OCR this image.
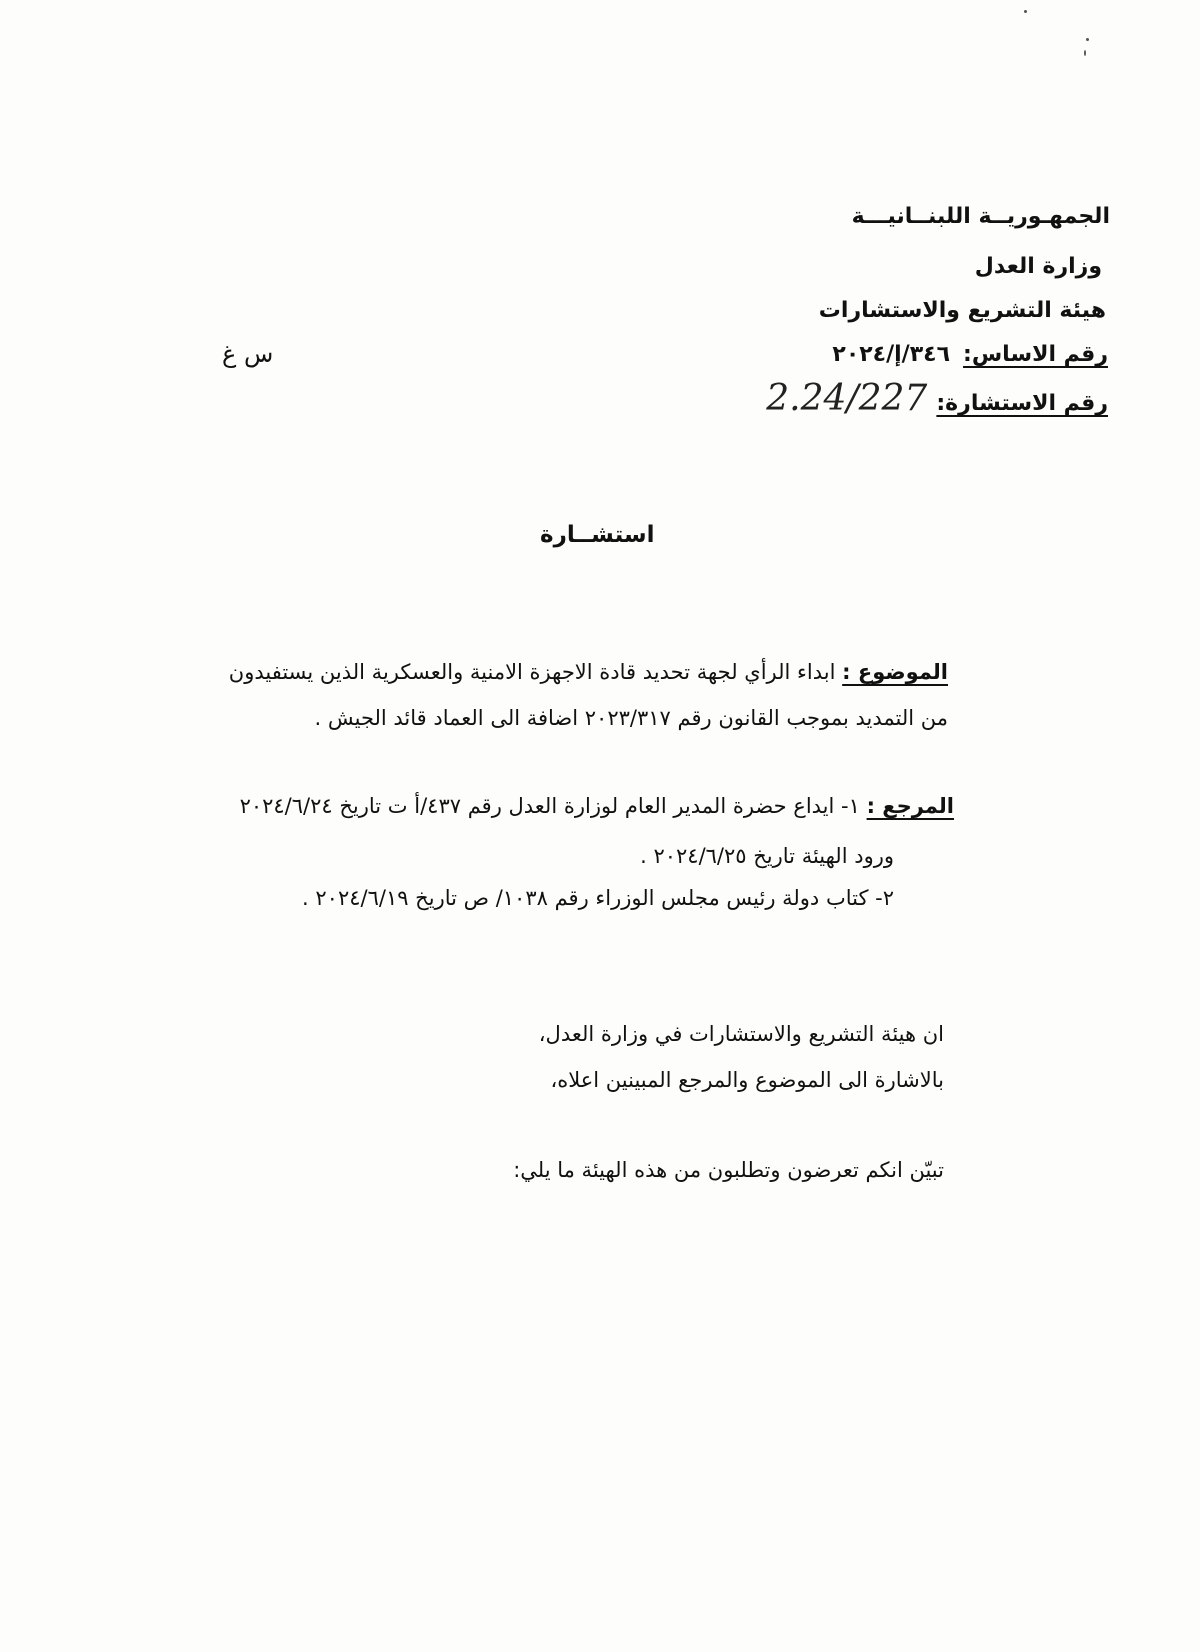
الجمهـوريــة اللبنــانيـــة
وزارة العدل
هيئة التشريع والاستشارات
رقم الاساس: ٣٤٦/إ/٢٠٢٤
رقم الاستشارة: 2.24/227
س غ
استشــارة
الموضوع : ابداء الرأي لجهة تحديد قادة الاجهزة الامنية والعسكرية الذين يستفيدون
من التمديد بموجب القانون رقم ٢٠٢٣/٣١٧ اضافة الى العماد قائد الجيش .
المرجع : ١- ايداع حضرة المدير العام لوزارة العدل رقم ٤٣٧/أ ت تاريخ ٢٠٢٤/٦/٢٤
ورود الهيئة تاريخ ٢٠٢٤/٦/٢٥ .
٢- كتاب دولة رئيس مجلس الوزراء رقم ١٠٣٨/ ص تاريخ ٢٠٢٤/٦/١٩ .
ان هيئة التشريع والاستشارات في وزارة العدل،
بالاشارة الى الموضوع والمرجع المبينين اعلاه،
تبيّن انكم تعرضون وتطلبون من هذه الهيئة ما يلي:
